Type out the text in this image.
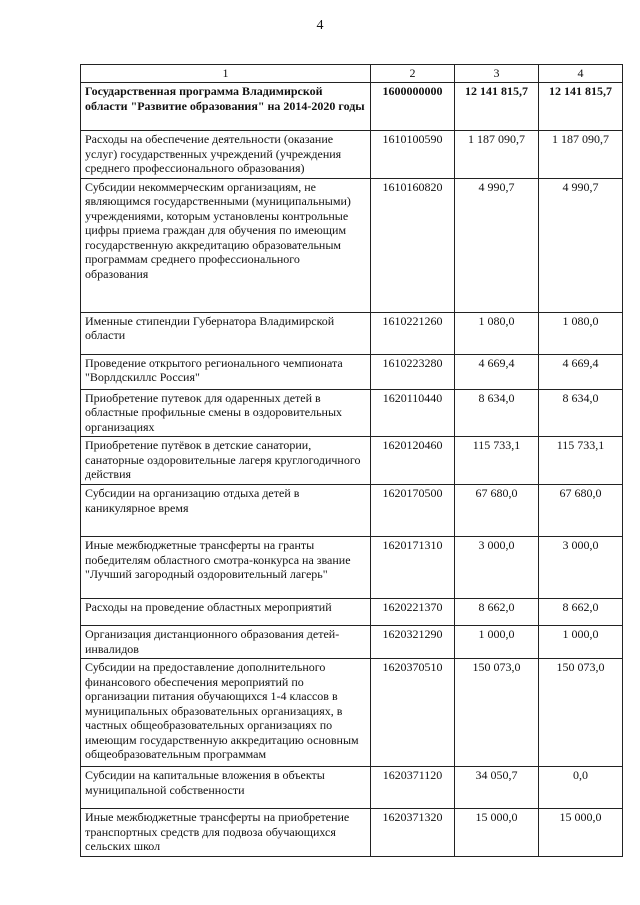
4
1	2	3	4
Государственная программа Владимирской области "Развитие образования" на 2014-2020 годы	1600000000	12 141 815,7	12 141 815,7
Расходы на обеспечение деятельности (оказание услуг) государственных учреждений (учреждения среднего профессионального образования)	1610100590	1 187 090,7	1 187 090,7
Субсидии некоммерческим организациям, не являющимся государственными (муниципальными) учреждениями, которым установлены контрольные цифры приема граждан для обучения по имеющим государственную аккредитацию образовательным программам среднего профессионального образования	1610160820	4 990,7	4 990,7
Именные стипендии Губернатора Владимирской области	1610221260	1 080,0	1 080,0
Проведение открытого регионального чемпионата "Ворлдскиллс Россия"	1610223280	4 669,4	4 669,4
Приобретение путевок для одаренных детей в областные профильные смены в оздоровительных организациях	1620110440	8 634,0	8 634,0
Приобретение путёвок в детские санатории, санаторные оздоровительные лагеря круглогодичного действия	1620120460	115 733,1	115 733,1
Субсидии на организацию отдыха детей в каникулярное время	1620170500	67 680,0	67 680,0
Иные межбюджетные трансферты на гранты победителям областного смотра-конкурса на звание "Лучший загородный оздоровительный лагерь"	1620171310	3 000,0	3 000,0
Расходы на проведение областных мероприятий	1620221370	8 662,0	8 662,0
Организация дистанционного образования детей-инвалидов	1620321290	1 000,0	1 000,0
Субсидии на предоставление дополнительного финансового обеспечения мероприятий по организации питания обучающихся 1-4 классов в муниципальных образовательных организациях, в частных общеобразовательных организациях по имеющим государственную аккредитацию основным общеобразовательным программам	1620370510	150 073,0	150 073,0
Субсидии на капитальные вложения в объекты муниципальной собственности	1620371120	34 050,7	0,0
Иные межбюджетные трансферты на приобретение транспортных средств для подвоза обучающихся сельских школ	1620371320	15 000,0	15 000,0
